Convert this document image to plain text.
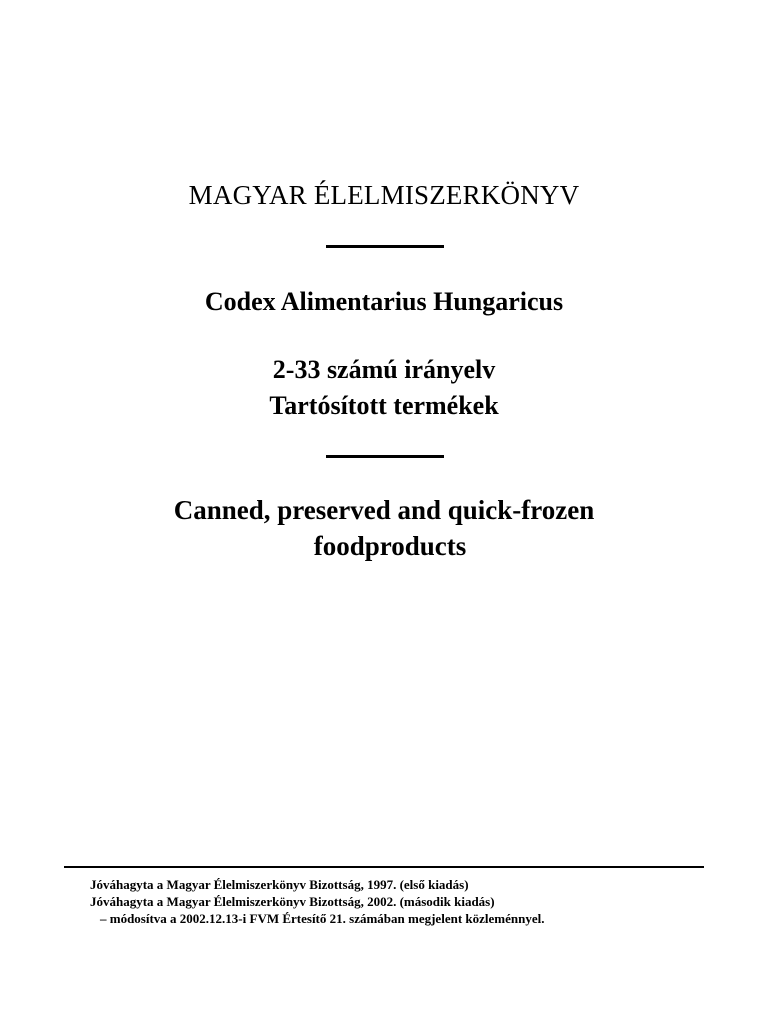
MAGYAR ÉLELMISZERKÖNYV
Codex Alimentarius Hungaricus
2-33 számú irányelv
Tartósított termékek
Canned, preserved and quick-frozen
foodproducts
Jóváhagyta a Magyar Élelmiszerkönyv Bizottság, 1997. (első kiadás)
Jóváhagyta a Magyar Élelmiszerkönyv Bizottság, 2002. (második kiadás)
– módosítva a 2002.12.13-i FVM Értesítő 21. számában megjelent közleménnyel.
